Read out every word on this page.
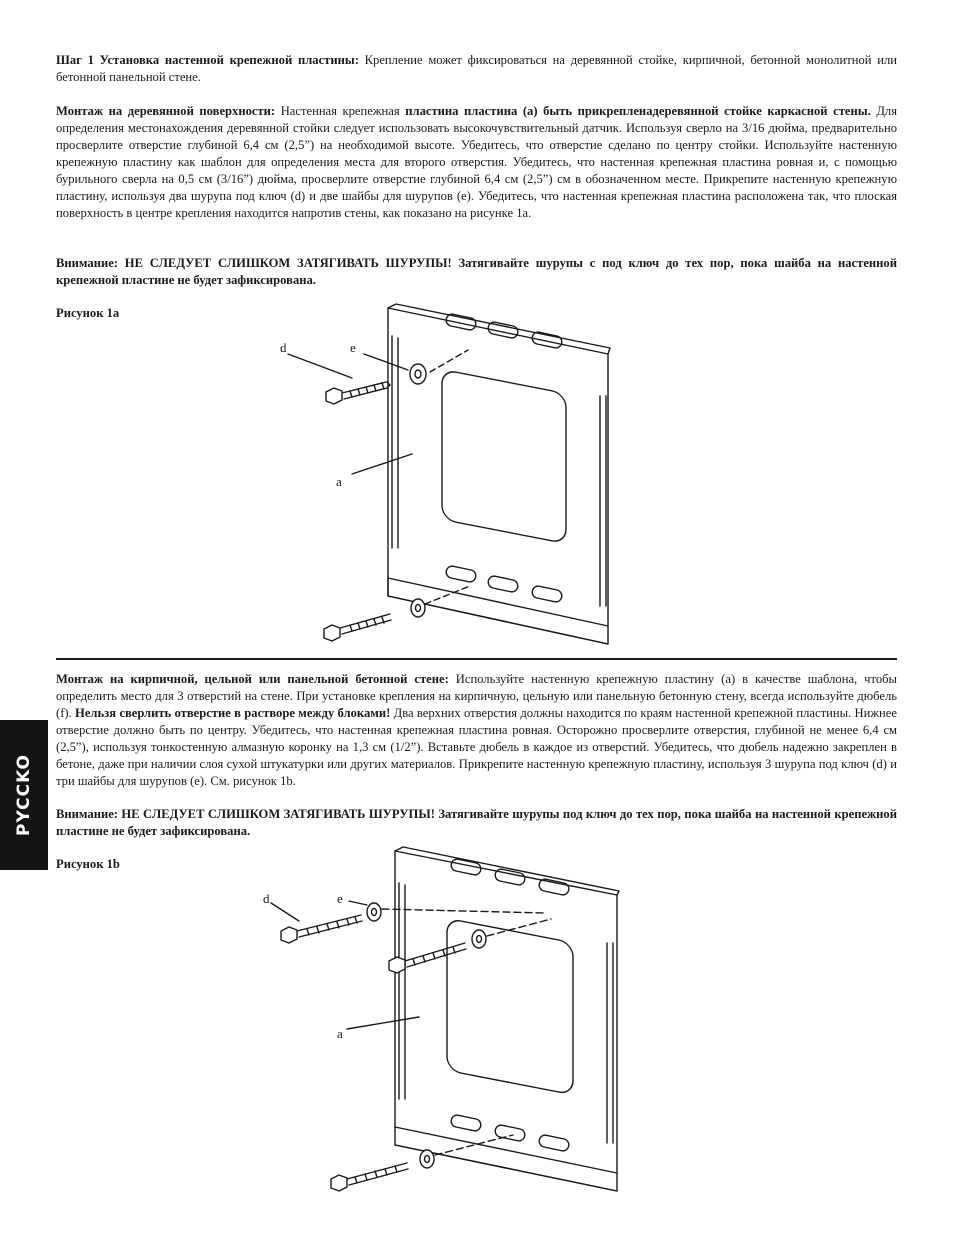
Шаг 1 Установка настенной крепежной пластины: Крепление может фиксироваться на деревянной стойке, кирпичной, бетонной монолитной или бетонной панельной стене.

Монтаж на деревянной поверхности: Настенная крепежная пластина пластина (a) быть прикрепленадеревянной стойке каркасной стены. Для определения местонахождения деревянной стойки следует использовать высокочувствительный датчик. Используя сверло на 3/16 дюйма, предварительно просверлите отверстие глубиной 6,4 см (2,5”) на необходимой высоте. Убедитесь, что отверстие сделано по центру стойки. Используйте настенную крепежную пластину как шаблон для определения места для второго отверстия. Убедитесь, что настенная крепежная пластина ровная и, с помощью бурильного сверла на 0,5 см (3/16”) дюйма, просверлите отверстие глубиной 6,4 см (2,5”) см в обозначенном месте. Прикрепите настенную крепежную пластину, используя два шурупа под ключ (d) и две шайбы для шурупов (e). Убедитесь, что настенная крепежная пластина расположена так, что плоская поверхность в центре крепления находится напротив стены, как показано на рисунке 1a.

Внимание: НЕ СЛЕДУЕТ СЛИШКОМ ЗАТЯГИВАТЬ ШУРУПЫ! Затягивайте шурупы с под ключ до тех пор, пока шайба на настенной крепежной пластине не будет зафиксирована.

Рисунок 1a

d	e
a

Монтаж на кирпичной, цельной или панельной бетонной стене: Используйте настенную крепежную пластину (a) в качестве шаблона, чтобы определить место для 3 отверстий на стене. При установке крепления на кирпичную, цельную или панельную бетонную стену, всегда используйте дюбель (f). Нельзя сверлить отверстие в растворе между блоками! Два верхних отверстия должны находится по краям настенной крепежной пластины. Нижнее отверстие должно быть по центру. Убедитесь, что настенная крепежная пластина ровная. Осторожно просверлите отверстия, глубиной не менее 6,4 см (2,5”), используя тонкостенную алмазную коронку на 1,3 см (1/2”). Вставьте дюбель в каждое из отверстий. Убедитесь, что дюбель надежно закреплен в бетоне, даже при наличии слоя сухой штукатурки или других материалов. Прикрепите настенную крепежную пластину, используя 3 шурупа под ключ (d) и три шайбы для шурупов (e). См. рисунок 1b.

Внимание: НЕ СЛЕДУЕТ СЛИШКОМ ЗАТЯГИВАТЬ ШУРУПЫ! Затягивайте шурупы под ключ до тех пор, пока шайба на настенной крепежной пластине не будет зафиксирована.

Рисунок 1b

d	e
a
PYCCKO
